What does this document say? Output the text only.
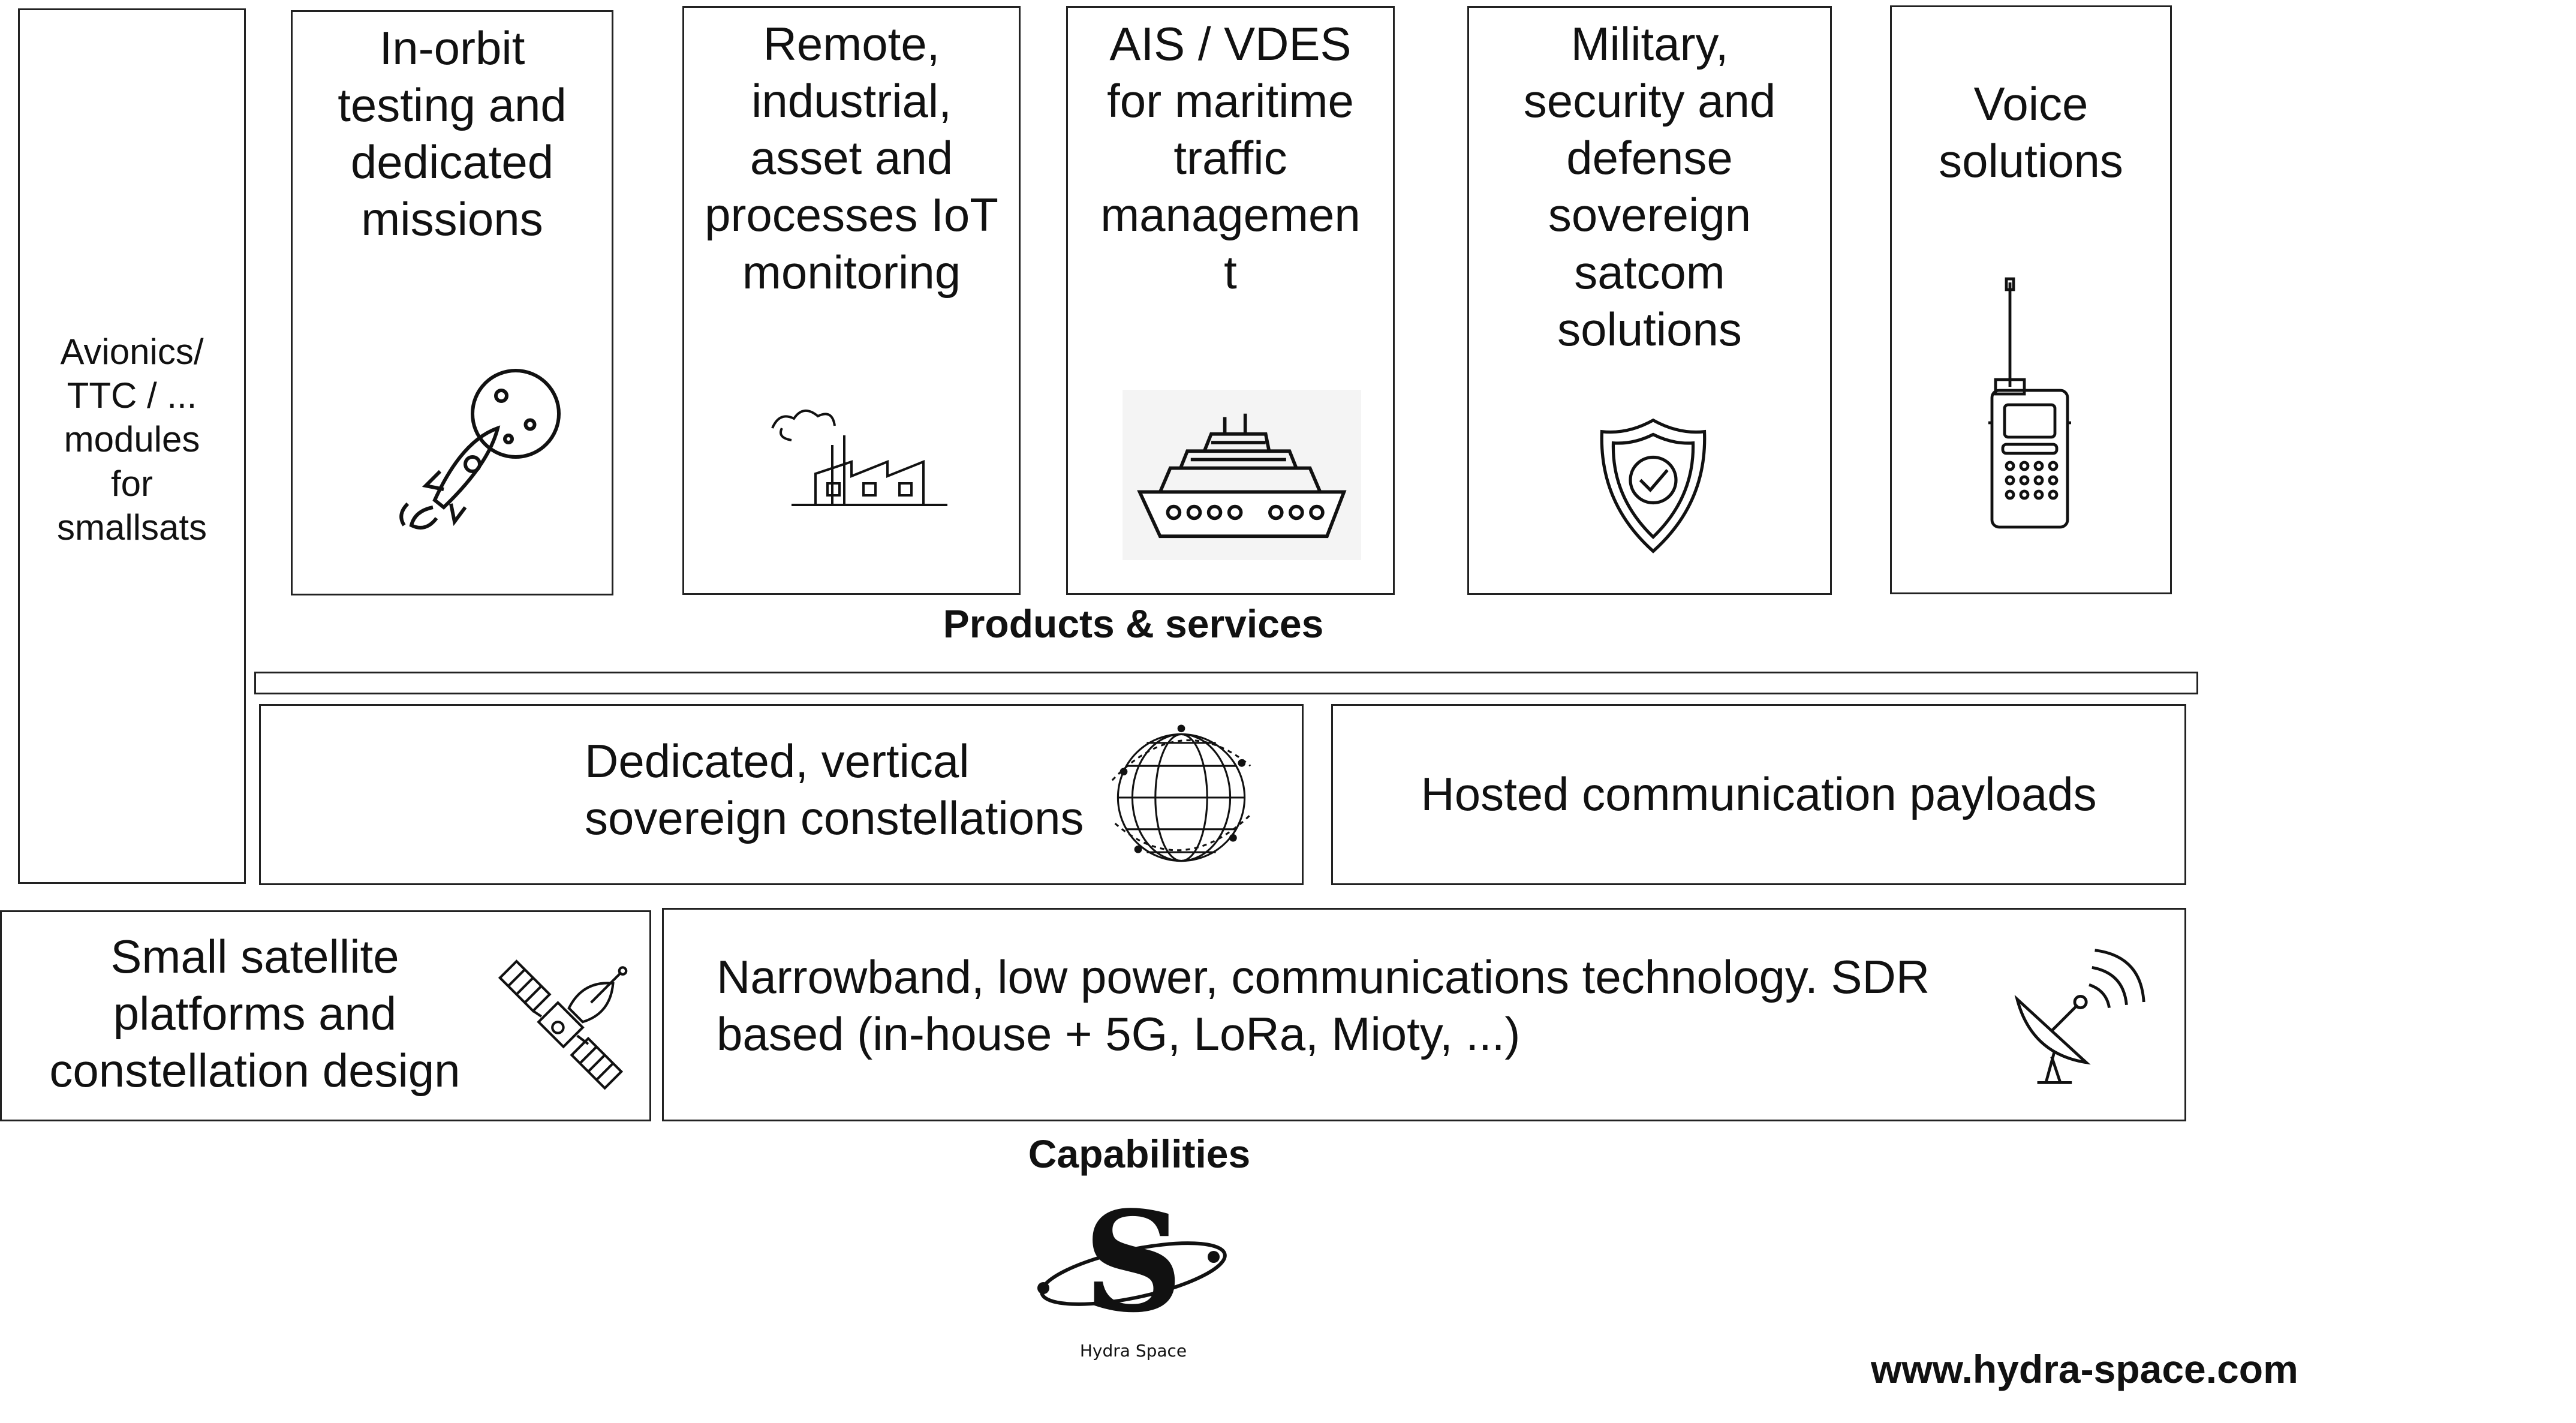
Avionics/
TTC / ...
modules
for
smallsats
In-orbit
testing and
dedicated
missions
Remote,
industrial,
asset and
processes IoT
monitoring
AIS / VDES
for maritime
traffic
managemen
t
Military,
security and
defense
sovereign
satcom
solutions
Voice
solutions
Products & services
Dedicated, vertical
sovereign constellations	Hosted communication payloads
Small satellite
platforms and
constellation design
Narrowband, low power, communications technology. SDR
based (in-house + 5G, LoRa, Mioty, ...)
Capabilities
S
Hydra Space	www.hydra-space.com
